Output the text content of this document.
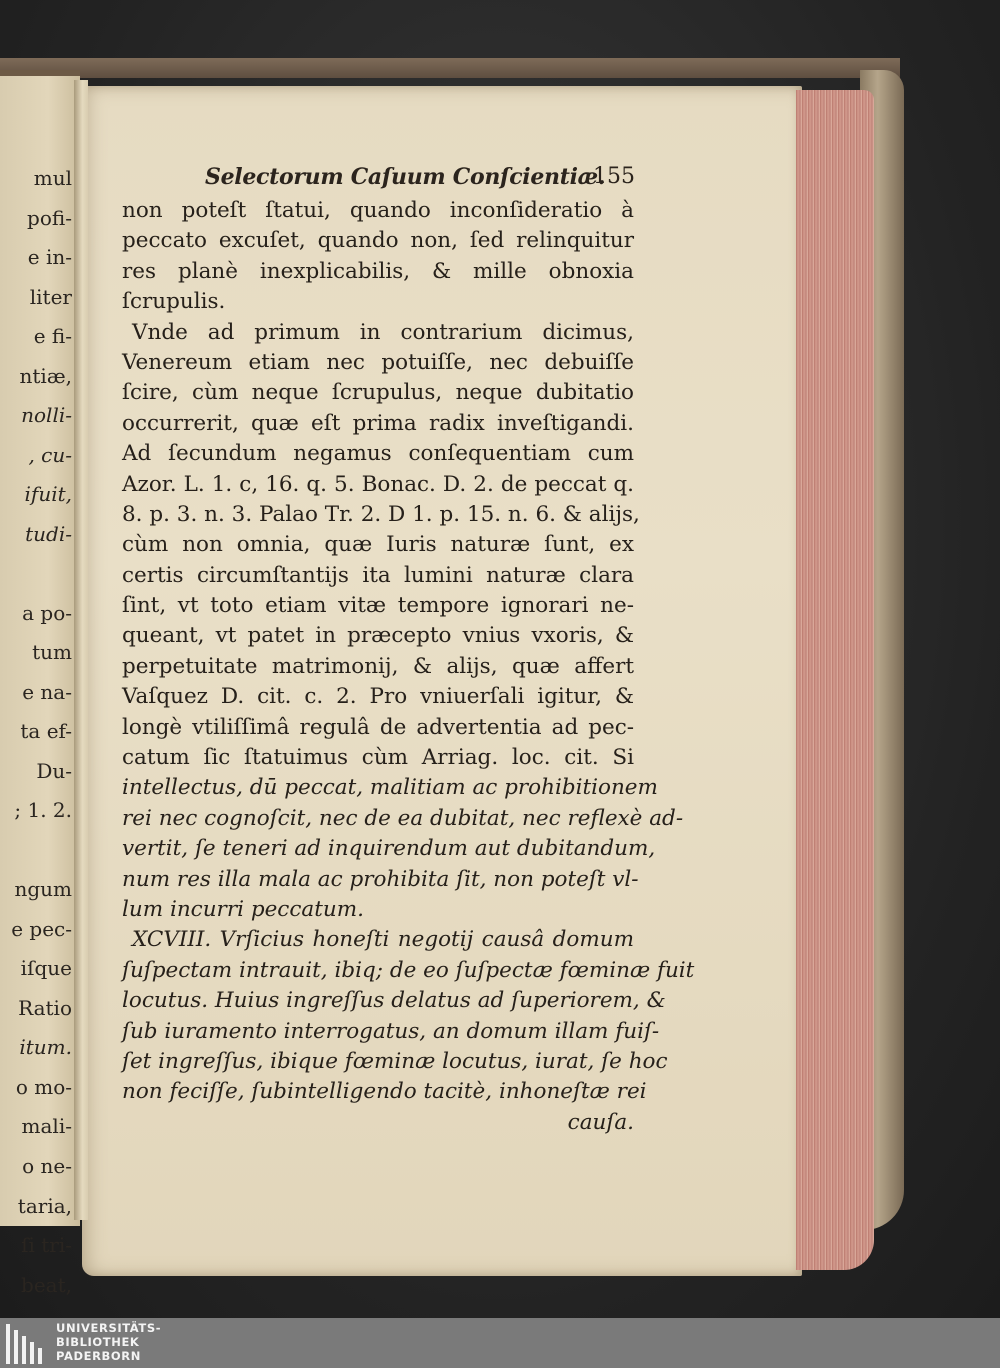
mul
pofi-
e in-
liter
e fi-
ntiæ,
nolli-
, cu-
ifuit,
tudi-
a po-
tum
e na-
ta ef-
Du-
; 1. 2.
ngum
e pec-
iſque
Ratio
itum.
o mo-
mali-
o ne-
taria,
ſi tri-
beat,
Selectorum Caſuum Conſcientiæ.
155
non poteſt ſtatui, quando inconſideratio à
peccato excuſet, quando non, ſed relinquitur
res planè inexplicabilis, & mille obnoxia
ſcrupulis.
Vnde ad primum in contrarium dicimus,
Venereum etiam nec potuiſſe, nec debuiſſe
ſcire, cùm neque ſcrupulus, neque dubitatio
occurrerit, quæ eſt prima radix inveſtigandi.
Ad ſecundum negamus conſequentiam cum
Azor. L. 1. c, 16. q. 5. Bonac. D. 2. de peccat q.
8. p. 3. n. 3. Palao Tr. 2. D 1. p. 15. n. 6. & alijs,
cùm non omnia, quæ Iuris naturæ ſunt, ex
certis circumſtantijs ita lumini naturæ clara
ſint, vt toto etiam vitæ tempore ignorari ne-
queant, vt patet in præcepto vnius vxoris, &
perpetuitate matrimonij, & alijs, quæ affert
Vaſquez D. cit. c. 2. Pro vniuerſali igitur, &
longè vtiliſſimâ regulâ de advertentia ad pec-
catum ſic ſtatuimus cùm Arriag. loc. cit. Si
intellectus, dū peccat, malitiam ac prohibitionem
rei nec cognoſcit, nec de ea dubitat, nec reflexè ad-
vertit, ſe teneri ad inquirendum aut dubitandum,
num res illa mala ac prohibita ſit, non poteſt vl-
lum incurri peccatum.
XCVIII. Vrſicius honeſti negotij causâ domum
ſuſpectam intrauit, ibiq; de eo ſuſpectæ fœminæ fuit
locutus. Huius ingreſſus delatus ad ſuperiorem, &
ſub iuramento interrogatus, an domum illam fuiſ-
ſet ingreſſus, ibique fœminæ locutus, iurat, ſe hoc
non feciſſe, ſubintelligendo tacitè, inhoneſtæ rei
cauſa.
UNIVERSITÄTS-
BIBLIOTHEK
PADERBORN
